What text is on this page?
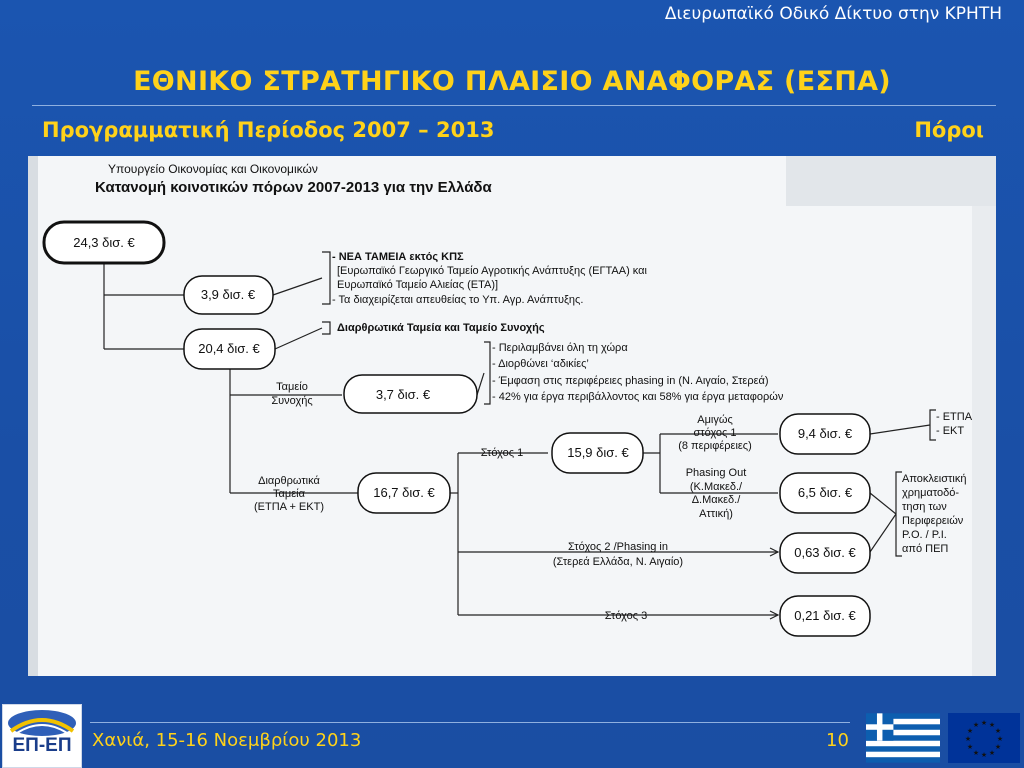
Διευρωπαϊκό Οδικό Δίκτυο στην ΚΡΗΤΗ
ΕΘΝΙΚΟ ΣΤΡΑΤΗΓΙΚΟ ΠΛΑΙΣΙΟ ΑΝΑΦΟΡΑΣ (ΕΣΠΑ)
Προγραμματική Περίοδος 2007 – 2013	Πόροι
Υπουργείο Οικονομίας και Οικονομικών
Κατανομή κοινοτικών πόρων 2007-2013 για την Ελλάδα
24,3 δισ. €
3,9 δισ. €
20,4 δισ. €
3,7 δισ. €
16,7 δισ. €
15,9 δισ. €
9,4 δισ. €
6,5 δισ. €
0,63 δισ. €
0,21 δισ. €
Ταμείο
Συνοχής
Διαρθρωτικά
Ταμεία
(ΕΤΠΑ + ΕΚΤ)
Στόχος 1
Αμιγώς
στόχος 1
(8 περιφέρειες)
Phasing Out
(Κ.Μακεδ./
Δ.Μακεδ./
Αττική)
Στόχος 2 /Phasing in
(Στερεά Ελλάδα, Ν. Αιγαίο)
Στόχος 3
- ΝΕΑ ΤΑΜΕΙΑ εκτός ΚΠΣ
[Ευρωπαϊκό Γεωργικό Ταμείο Αγροτικής Ανάπτυξης (ΕΓΤΑΑ) και
Ευρωπαϊκό Ταμείο Αλιείας (ΕΤΑ)]
- Τα διαχειρίζεται απευθείας το Υπ. Αγρ. Ανάπτυξης.
Διαρθρωτικά Ταμεία και Ταμείο Συνοχής
- Περιλαμβάνει όλη τη χώρα
- Διορθώνει ‘αδικίες’
- Έμφαση στις περιφέρειες phasing in (Ν. Αιγαίο, Στερεά)
- 42% για έργα περιβάλλοντος και 58% για έργα μεταφορών
- ΕΤΠΑ
- ΕΚΤ
Αποκλειστική
χρηματοδό-
τηση των
Περιφερειών
Ρ.Ο. / Ρ.Ι.
από ΠΕΠ
ΕΠ-ΕΠ	Χανιά, 15-16 Νοεμβρίου 2013	10
★ ★
★
★
★
★
★
★
★
★
★
★
